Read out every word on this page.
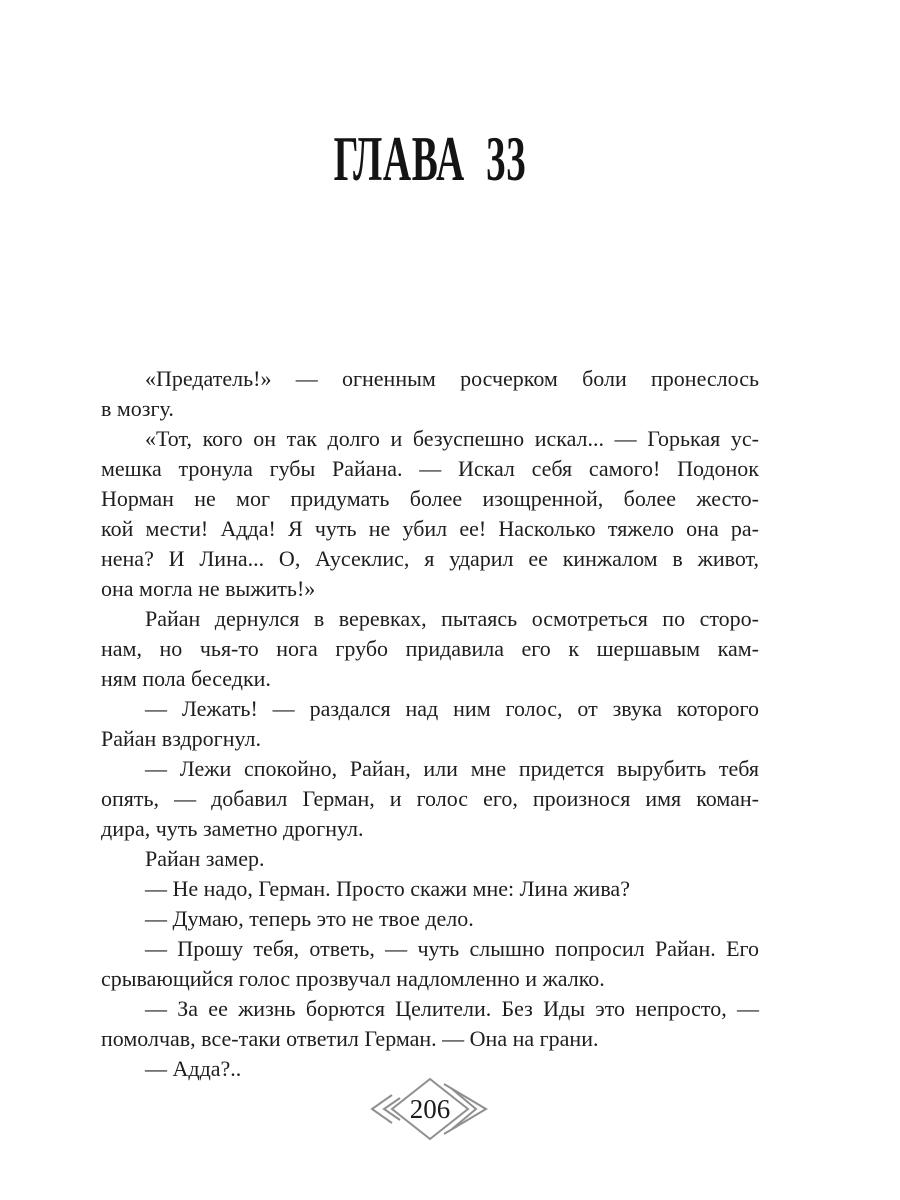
ГЛАВА 33
«Предатель!» — огненным росчерком боли пронеслось
в мозгу.
«Тот, кого он так долго и безуспешно искал... — Горькая ус-
мешка тронула губы Райана. — Искал себя самого! Подонок
Норман не мог придумать более изощренной, более жесто-
кой мести! Адда! Я чуть не убил ее! Насколько тяжело она ра-
нена? И Лина... О, Аусеклис, я ударил ее кинжалом в живот,
она могла не выжить!»
Райан дернулся в веревках, пытаясь осмотреться по сторо-
нам, но чья-то нога грубо придавила его к шершавым кам-
ням пола беседки.
— Лежать! — раздался над ним голос, от звука которого
Райан вздрогнул.
— Лежи спокойно, Райан, или мне придется вырубить тебя
опять, — добавил Герман, и голос его, произнося имя коман-
дира, чуть заметно дрогнул.
Райан замер.
— Не надо, Герман. Просто скажи мне: Лина жива?
— Думаю, теперь это не твое дело.
— Прошу тебя, ответь, — чуть слышно попросил Райан. Его
срывающийся голос прозвучал надломленно и жалко.
— За ее жизнь борются Целители. Без Иды это непросто, —
помолчав, все-таки ответил Герман. — Она на грани.
— Адда?..
206
